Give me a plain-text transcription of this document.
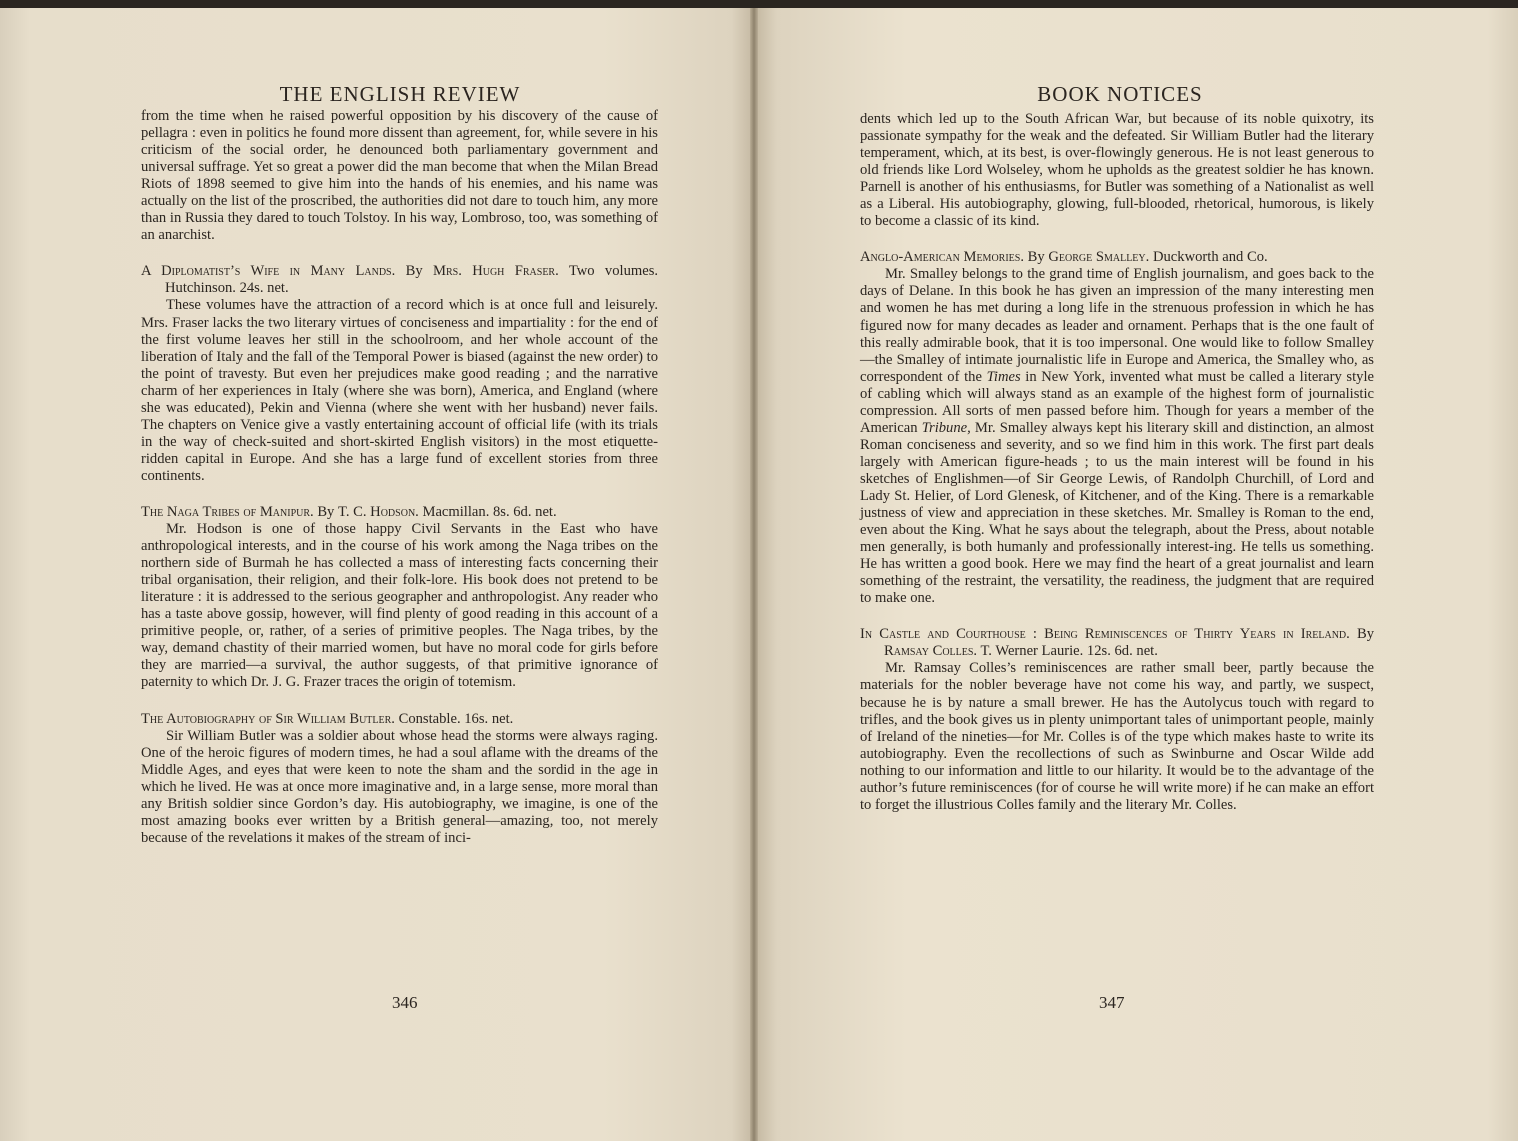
THE ENGLISH REVIEW
346
BOOK NOTICES
347

from the time when he raised powerful opposition by his discovery of the cause of pellagra : even in politics he found more dissent than agreement, for, while severe in his criticism of the social order, he denounced both parliamentary government and universal suffrage. Yet so great a power did the man become that when the Milan Bread Riots of 1898 seemed to give him into the hands of his enemies, and his name was actually on the list of the proscribed, the authorities did not dare to touch him, any more than in Russia they dared to touch Tolstoy. In his way, Lombroso, too, was something of an anarchist.

A Diplomatist’s Wife in Many Lands. By Mrs. Hugh Fraser. Two volumes. Hutchinson. 24s. net.

These volumes have the attraction of a record which is at once full and leisurely. Mrs. Fraser lacks the two literary virtues of conciseness and impartiality : for the end of the first volume leaves her still in the schoolroom, and her whole account of the liberation of Italy and the fall of the Temporal Power is biased (against the new order) to the point of travesty. But even her prejudices make good reading ; and the narrative charm of her experiences in Italy (where she was born), America, and England (where she was educated), Pekin and Vienna (where she went with her husband) never fails. The chapters on Venice give a vastly entertaining account of official life (with its trials in the way of check-suited and short-skirted English visitors) in the most etiquette-ridden capital in Europe. And she has a large fund of excellent stories from three continents.

The Naga Tribes of Manipur. By T. C. Hodson. Macmillan. 8s. 6d. net.

Mr. Hodson is one of those happy Civil Servants in the East who have anthropological interests, and in the course of his work among the Naga tribes on the northern side of Burmah he has collected a mass of interesting facts concerning their tribal organisation, their religion, and their folk-lore. His book does not pretend to be literature : it is addressed to the serious geographer and anthropologist. Any reader who has a taste above gossip, however, will find plenty of good reading in this account of a primitive people, or, rather, of a series of primitive peoples. The Naga tribes, by the way, demand chastity of their married women, but have no moral code for girls before they are married—a survival, the author suggests, of that primitive ignorance of paternity to which Dr. J. G. Frazer traces the origin of totemism.

The Autobiography of Sir William Butler. Constable. 16s. net.

Sir William Butler was a soldier about whose head the storms were always raging. One of the heroic figures of modern times, he had a soul aflame with the dreams of the Middle Ages, and eyes that were keen to note the sham and the sordid in the age in which he lived. He was at once more imaginative and, in a large sense, more moral than any British soldier since Gordon’s day. His autobiography, we imagine, is one of the most amazing books ever written by a British general—amazing, too, not merely because of the revelations it makes of the stream of inci-

dents which led up to the South African War, but because of its noble quixotry, its passionate sympathy for the weak and the defeated. Sir William Butler had the literary temperament, which, at its best, is over-flowingly generous. He is not least generous to old friends like Lord Wolseley, whom he upholds as the greatest soldier he has known. Parnell is another of his enthusiasms, for Butler was something of a Nationalist as well as a Liberal. His autobiography, glowing, full-blooded, rhetorical, humorous, is likely to become a classic of its kind.

Anglo-American Memories. By George Smalley. Duckworth and Co.

Mr. Smalley belongs to the grand time of English journalism, and goes back to the days of Delane. In this book he has given an impression of the many interesting men and women he has met during a long life in the strenuous profession in which he has figured now for many decades as leader and ornament. Perhaps that is the one fault of this really admirable book, that it is too impersonal. One would like to follow Smalley—the Smalley of intimate journalistic life in Europe and America, the Smalley who, as correspondent of the Times in New York, invented what must be called a literary style of cabling which will always stand as an example of the highest form of journalistic compression. All sorts of men passed before him. Though for years a member of the American Tribune, Mr. Smalley always kept his literary skill and distinction, an almost Roman conciseness and severity, and so we find him in this work. The first part deals largely with American figure-heads ; to us the main interest will be found in his sketches of Englishmen—of Sir George Lewis, of Randolph Churchill, of Lord and Lady St. Helier, of Lord Glenesk, of Kitchener, and of the King. There is a remarkable justness of view and appreciation in these sketches. Mr. Smalley is Roman to the end, even about the King. What he says about the telegraph, about the Press, about notable men generally, is both humanly and professionally interest-ing. He tells us something. He has written a good book. Here we may find the heart of a great journalist and learn something of the restraint, the versatility, the readiness, the judgment that are required to make one.

In Castle and Courthouse : Being Reminiscences of Thirty Years in Ireland. By Ramsay Colles. T. Werner Laurie. 12s. 6d. net.

Mr. Ramsay Colles’s reminiscences are rather small beer, partly because the materials for the nobler beverage have not come his way, and partly, we suspect, because he is by nature a small brewer. He has the Autolycus touch with regard to trifles, and the book gives us in plenty unimportant tales of unimportant people, mainly of Ireland of the nineties—for Mr. Colles is of the type which makes haste to write its autobiography. Even the recollections of such as Swinburne and Oscar Wilde add nothing to our information and little to our hilarity. It would be to the advantage of the author’s future reminiscences (for of course he will write more) if he can make an effort to forget the illustrious Colles family and the literary Mr. Colles.
